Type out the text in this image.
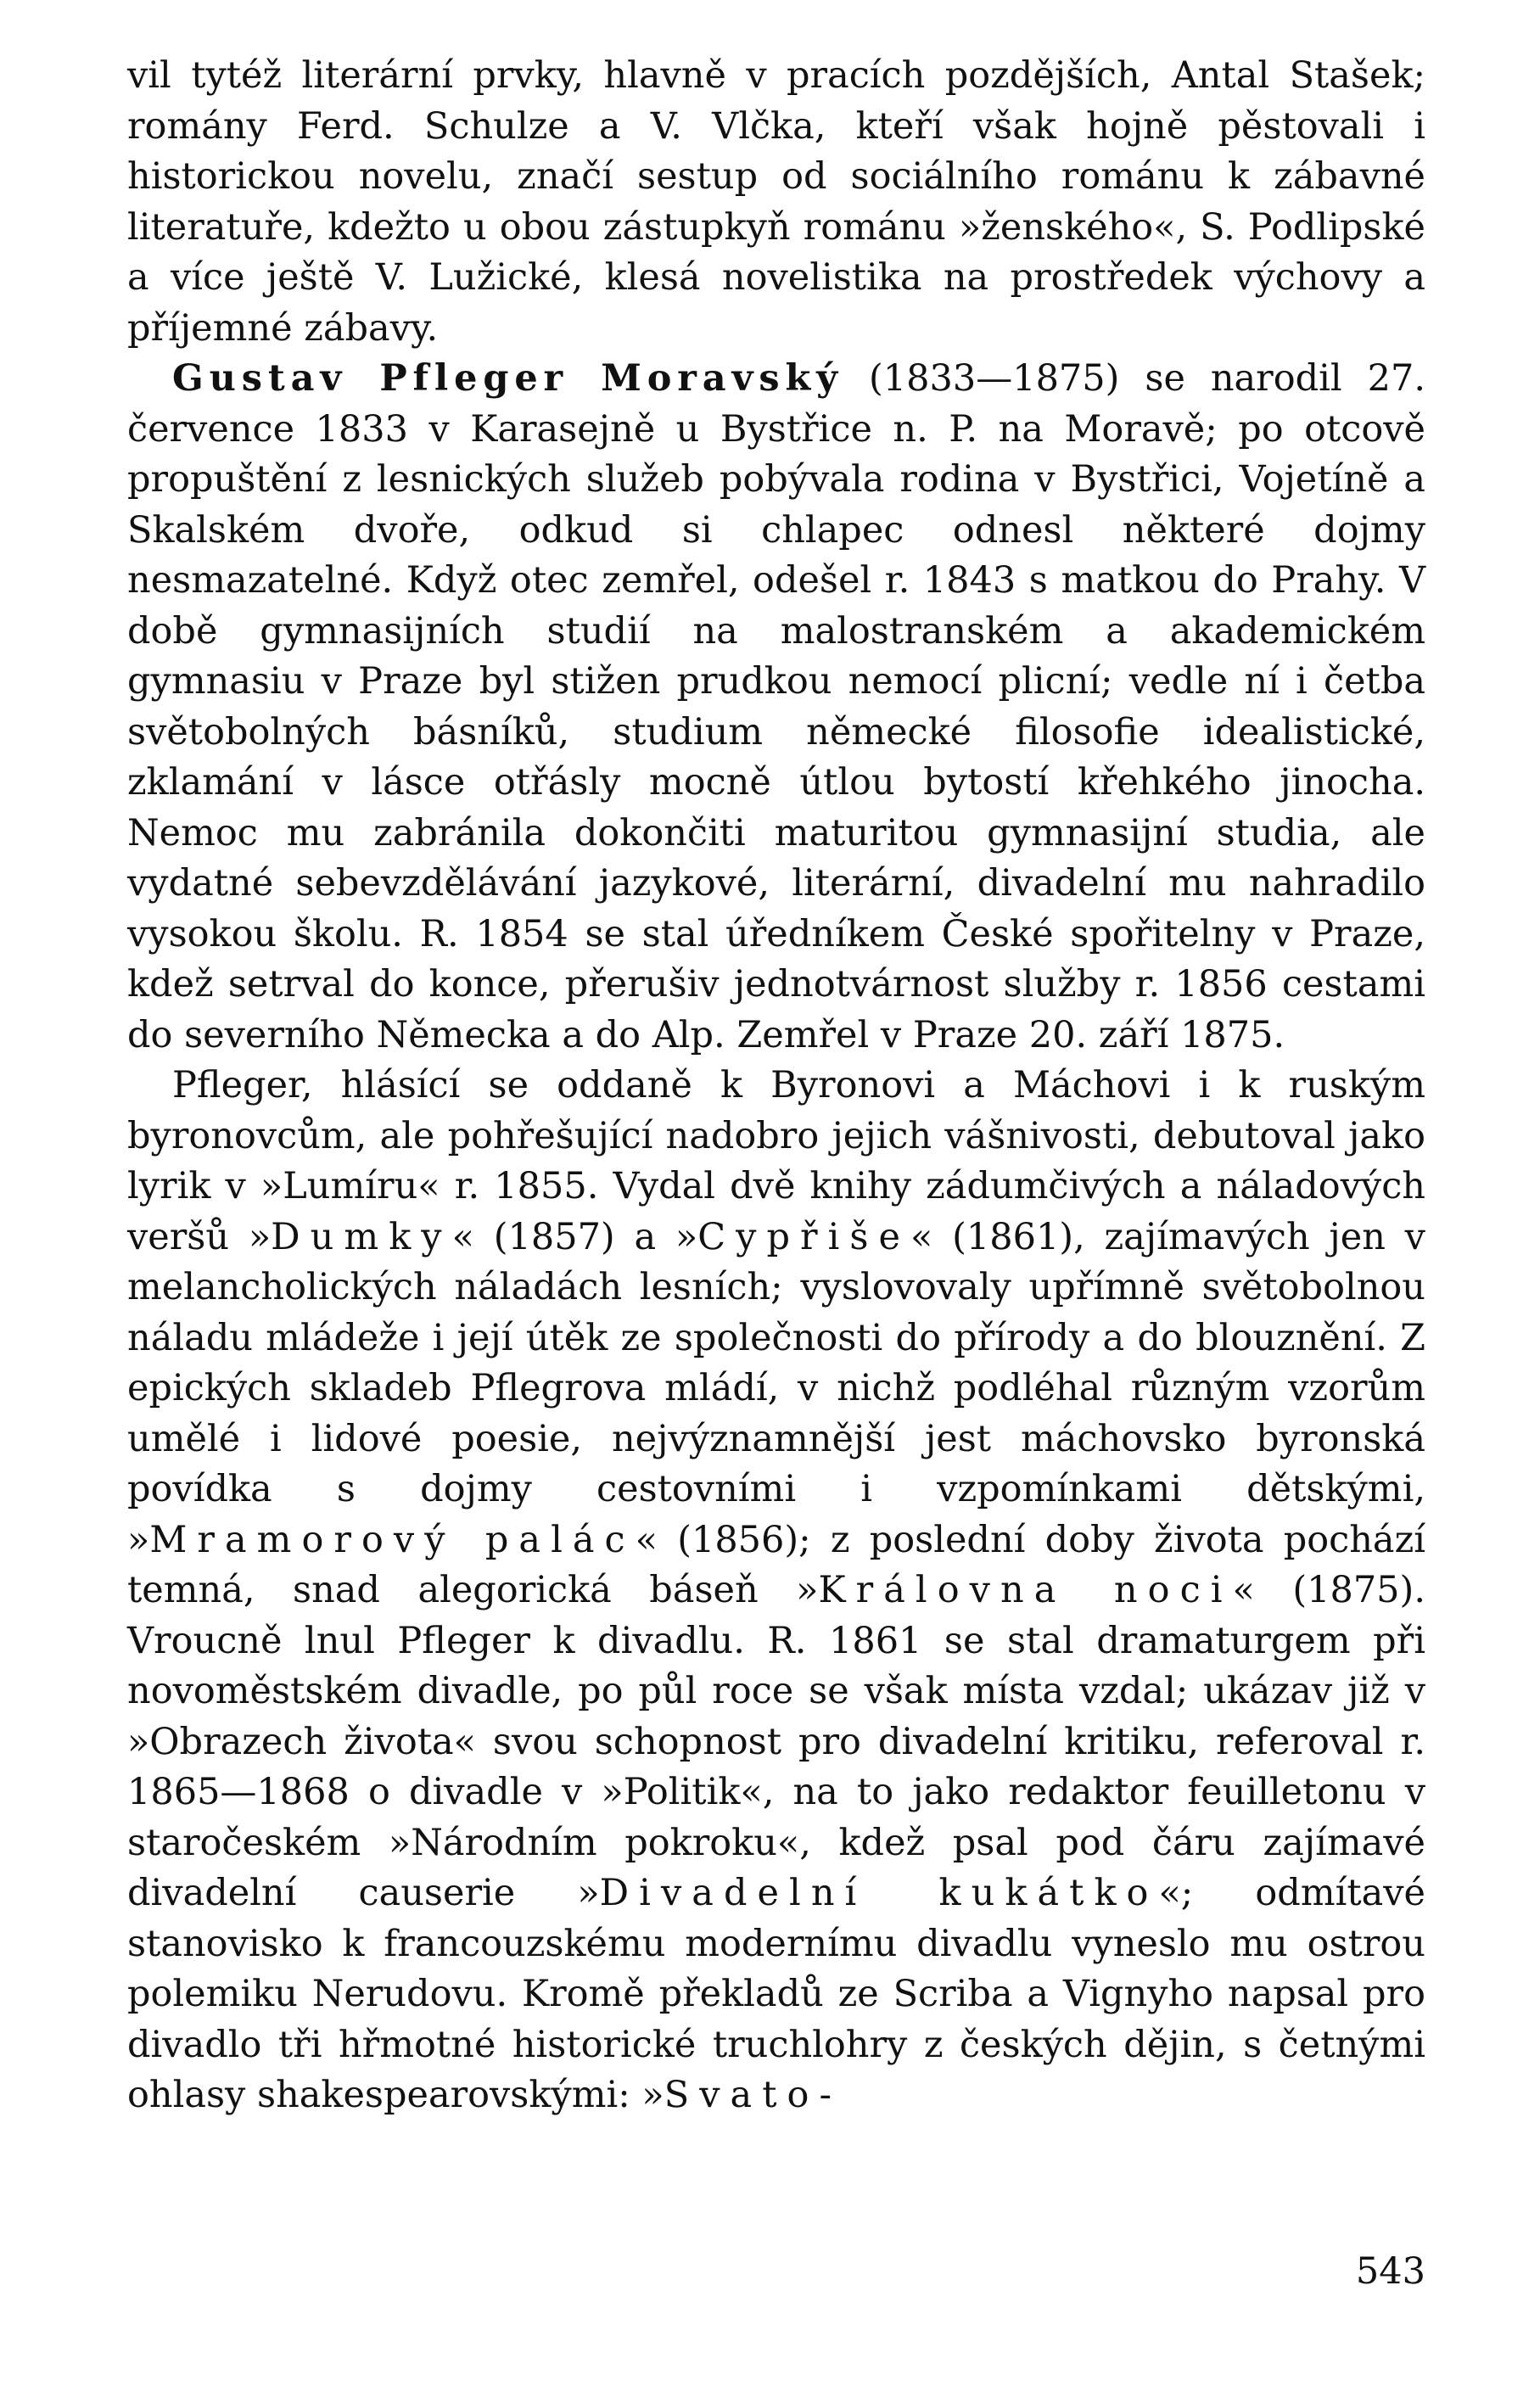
vil tytéž literární prvky, hlavně v pracích pozdějších, Antal Stašek; romány Ferd. Schulze a V. Vlčka, kteří však hojně pěstovali i historickou novelu, značí sestup od sociálního románu k zábavné literatuře, kdežto u obou zástupkyň románu »ženského«, S. Podlipské a více ještě V. Lužické, klesá novelistika na prostředek výchovy a příjemné zábavy.

Gustav Pfleger Moravský (1833—1875) se narodil 27. července 1833 v Karasejně u Bystřice n. P. na Moravě; po otcově propuštění z lesnických služeb pobývala rodina v Bystřici, Vojetíně a Skalském dvoře, odkud si chlapec odnesl některé dojmy nesmazatelné. Když otec zemřel, odešel r. 1843 s matkou do Prahy. V době gymnasijních studií na malostranském a akademickém gymnasiu v Praze byl stižen prudkou nemocí plicní; vedle ní i četba světobolných básníků, studium německé filosofie idealistické, zklamání v lásce otřásly mocně útlou bytostí křehkého jinocha. Nemoc mu zabránila dokončiti maturitou gymnasijní studia, ale vydatné sebevzdělávání jazykové, literární, divadelní mu nahradilo vysokou školu. R. 1854 se stal úředníkem České spořitelny v Praze, kdež setrval do konce, přerušiv jednotvárnost služby r. 1856 cestami do severního Německa a do Alp. Zemřel v Praze 20. září 1875.

Pfleger, hlásící se oddaně k Byronovi a Máchovi i k ruským byronovcům, ale pohřešující nadobro jejich vášnivosti, debutoval jako lyrik v »Lumíru« r. 1855. Vydal dvě knihy zádumčivých a náladových veršů »Dumky« (1857) a »Cypřiše« (1861), zajímavých jen v melancholických náladách lesních; vyslovovaly upřímně světobolnou náladu mládeže i její útěk ze společnosti do přírody a do blouznění. Z epických skladeb Pflegrova mládí, v nichž podléhal různým vzorům umělé i lidové poesie, nejvýznamnější jest máchovsko byronská povídka s dojmy cestovními i vzpomínkami dětskými, »Mramorový palác« (1856); z poslední doby života pochází temná, snad alegorická báseň »Královna noci« (1875). Vroucně lnul Pfleger k divadlu. R. 1861 se stal dramaturgem při novoměstském divadle, po půl roce se však místa vzdal; ukázav již v »Obrazech života« svou schopnost pro divadelní kritiku, referoval r. 1865—1868 o divadle v »Politik«, na to jako redaktor feuilletonu v staročeském »Národním pokroku«, kdež psal pod čáru zajímavé divadelní causerie »Divadelní kukátko«; odmítavé stanovisko k francouzskému modernímu divadlu vyneslo mu ostrou polemiku Nerudovu. Kromě překladů ze Scriba a Vignyho napsal pro divadlo tři hřmotné historické truchlohry z českých dějin, s četnými ohlasy shakespearovskými: »Svato-

543
